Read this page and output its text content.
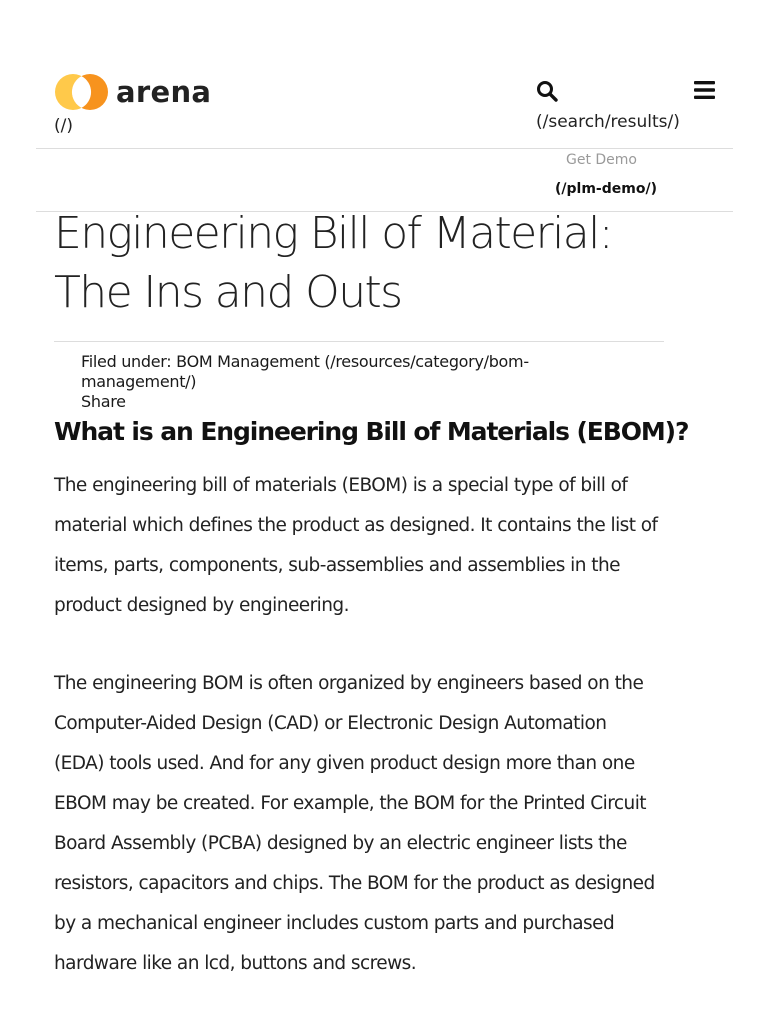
arena
(/)	(/search/results/)
Get Demo
(/plm-demo/)
Engineering Bill of Material: The Ins and Outs
Filed under: BOM Management (/resources/category/bom-
management/)
Share
What is an Engineering Bill of Materials (EBOM)?

The engineering bill of materials (EBOM) is a special type of bill of
material which defines the product as designed. It contains the list of
items, parts, components, sub-assemblies and assemblies in the
product designed by engineering.

The engineering BOM is often organized by engineers based on the
Computer-Aided Design (CAD) or Electronic Design Automation
(EDA) tools used. And for any given product design more than one
EBOM may be created. For example, the BOM for the Printed Circuit
Board Assembly (PCBA) designed by an electric engineer lists the
resistors, capacitors and chips. The BOM for the product as designed
by a mechanical engineer includes custom parts and purchased
hardware like an lcd, buttons and screws.
